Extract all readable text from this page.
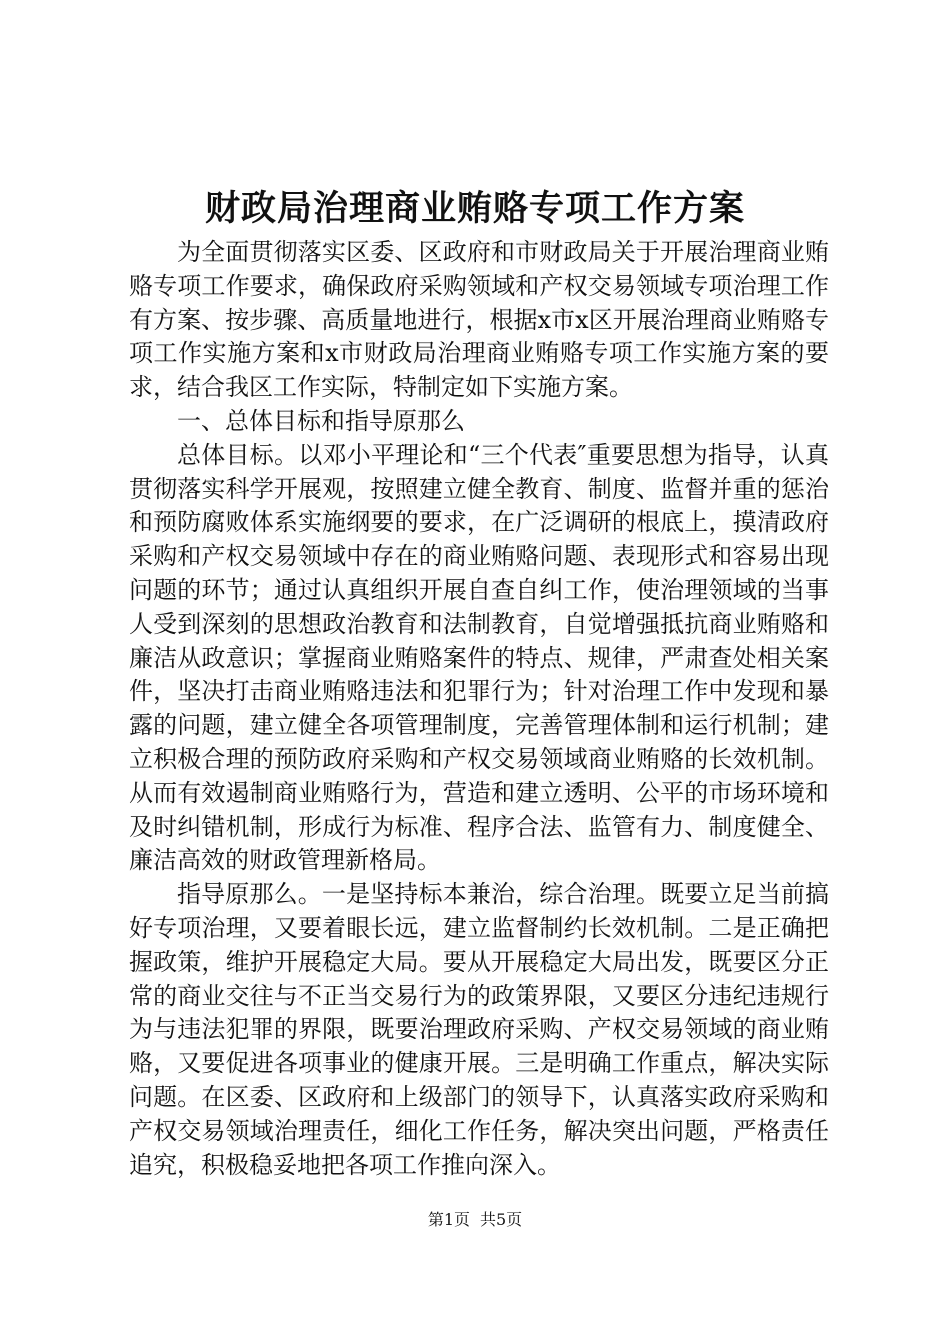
财政局治理商业贿赂专项工作方案

为全面贯彻落实区委、区政府和市财政局关于开展治理商业贿赂专项工作要求，确保政府采购领域和产权交易领域专项治理工作有方案、按步骤、高质量地进行，根据x市x区开展治理商业贿赂专项工作实施方案和x市财政局治理商业贿赂专项工作实施方案的要求，结合我区工作实际，特制定如下实施方案。

一、总体目标和指导原那么

总体目标。以邓小平理论和“三个代表″重要思想为指导，认真贯彻落实科学开展观，按照建立健全教育、制度、监督并重的惩治和预防腐败体系实施纲要的要求，在广泛调研的根底上，摸清政府采购和产权交易领域中存在的商业贿赂问题、表现形式和容易出现问题的环节；通过认真组织开展自查自纠工作，使治理领域的当事人受到深刻的思想政治教育和法制教育，自觉增强抵抗商业贿赂和廉洁从政意识；掌握商业贿赂案件的特点、规律，严肃查处相关案件，坚决打击商业贿赂违法和犯罪行为；针对治理工作中发现和暴露的问题，建立健全各项管理制度，完善管理体制和运行机制；建立积极合理的预防政府采购和产权交易领域商业贿赂的长效机制。从而有效遏制商业贿赂行为，营造和建立透明、公平的市场环境和及时纠错机制，形成行为标准、程序合法、监管有力、制度健全、廉洁高效的财政管理新格局。

指导原那么。一是坚持标本兼治，综合治理。既要立足当前搞好专项治理，又要着眼长远，建立监督制约长效机制。二是正确把握政策，维护开展稳定大局。要从开展稳定大局出发，既要区分正常的商业交往与不正当交易行为的政策界限，又要区分违纪违规行为与违法犯罪的界限，既要治理政府采购、产权交易领域的商业贿赂，又要促进各项事业的健康开展。三是明确工作重点，解决实际问题。在区委、区政府和上级部门的领导下，认真落实政府采购和产权交易领域治理责任，细化工作任务，解决突出问题，严格责任追究，积极稳妥地把各项工作推向深入。

第1页 共5页
